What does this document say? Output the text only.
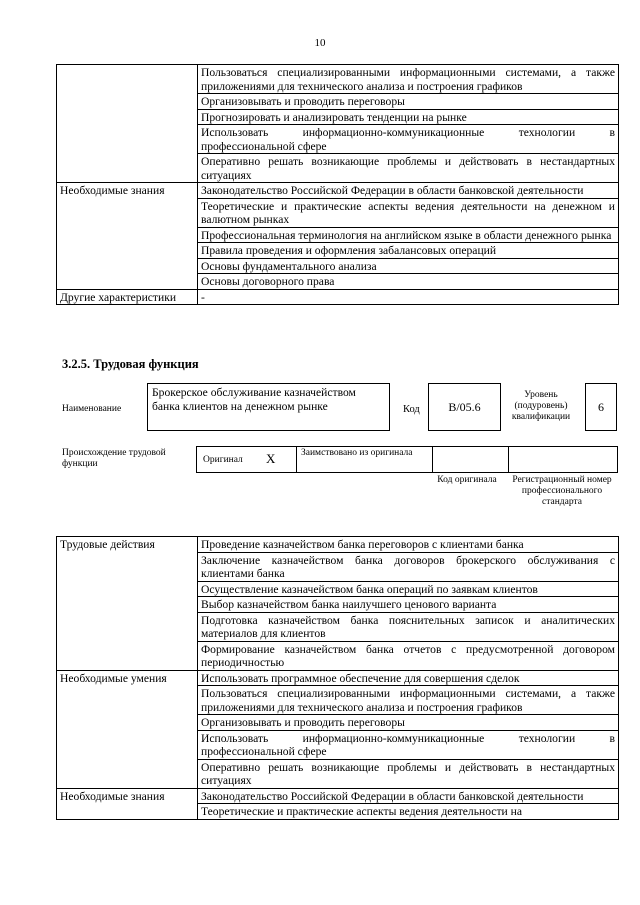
10
	Пользоваться специализированными информационными системами, а также приложениями для технического анализа и построения графиков
	Организовывать и проводить переговоры
	Прогнозировать и анализировать тенденции на рынке
	Использовать информационно-коммуникационные технологии в профессиональной сфере
	Оперативно решать возникающие проблемы и действовать в нестандартных ситуациях
Необходимые знания	Законодательство Российской Федерации в области банковской деятельности
	Теоретические и практические аспекты ведения деятельности на денежном и валютном рынках
	Профессиональная терминология на английском языке в области денежного рынка
	Правила проведения и оформления забалансовых операций
	Основы фундаментального анализа
	Основы договорного права
Другие характеристики	-
3.2.5. Трудовая функция
Наименование
Брокерское обслуживание казначейством банка клиентов на денежном рынке	Код	B/05.6
Уровень (подуровень) квалификации
6
Происхождение трудовой функции	Оригинал X	Заимствовано из оригинала
Код оригинала Регистрационный номер профессионального стандарта
Трудовые действия	Проведение казначейством банка переговоров с клиентами банка
	Заключение казначейством банка договоров брокерского обслуживания с клиентами банка
	Осуществление казначейством банка операций по заявкам клиентов
	Выбор казначейством банка наилучшего ценового варианта
	Подготовка казначейством банка пояснительных записок и аналитических материалов для клиентов
	Формирование казначейством банка отчетов с предусмотренной договором периодичностью
Необходимые умения	Использовать программное обеспечение для совершения сделок
	Пользоваться специализированными информационными системами, а также приложениями для технического анализа и построения графиков
	Организовывать и проводить переговоры
	Использовать информационно-коммуникационные технологии в профессиональной сфере
	Оперативно решать возникающие проблемы и действовать в нестандартных ситуациях
Необходимые знания	Законодательство Российской Федерации в области банковской деятельности
	Теоретические и практические аспекты ведения деятельности на
